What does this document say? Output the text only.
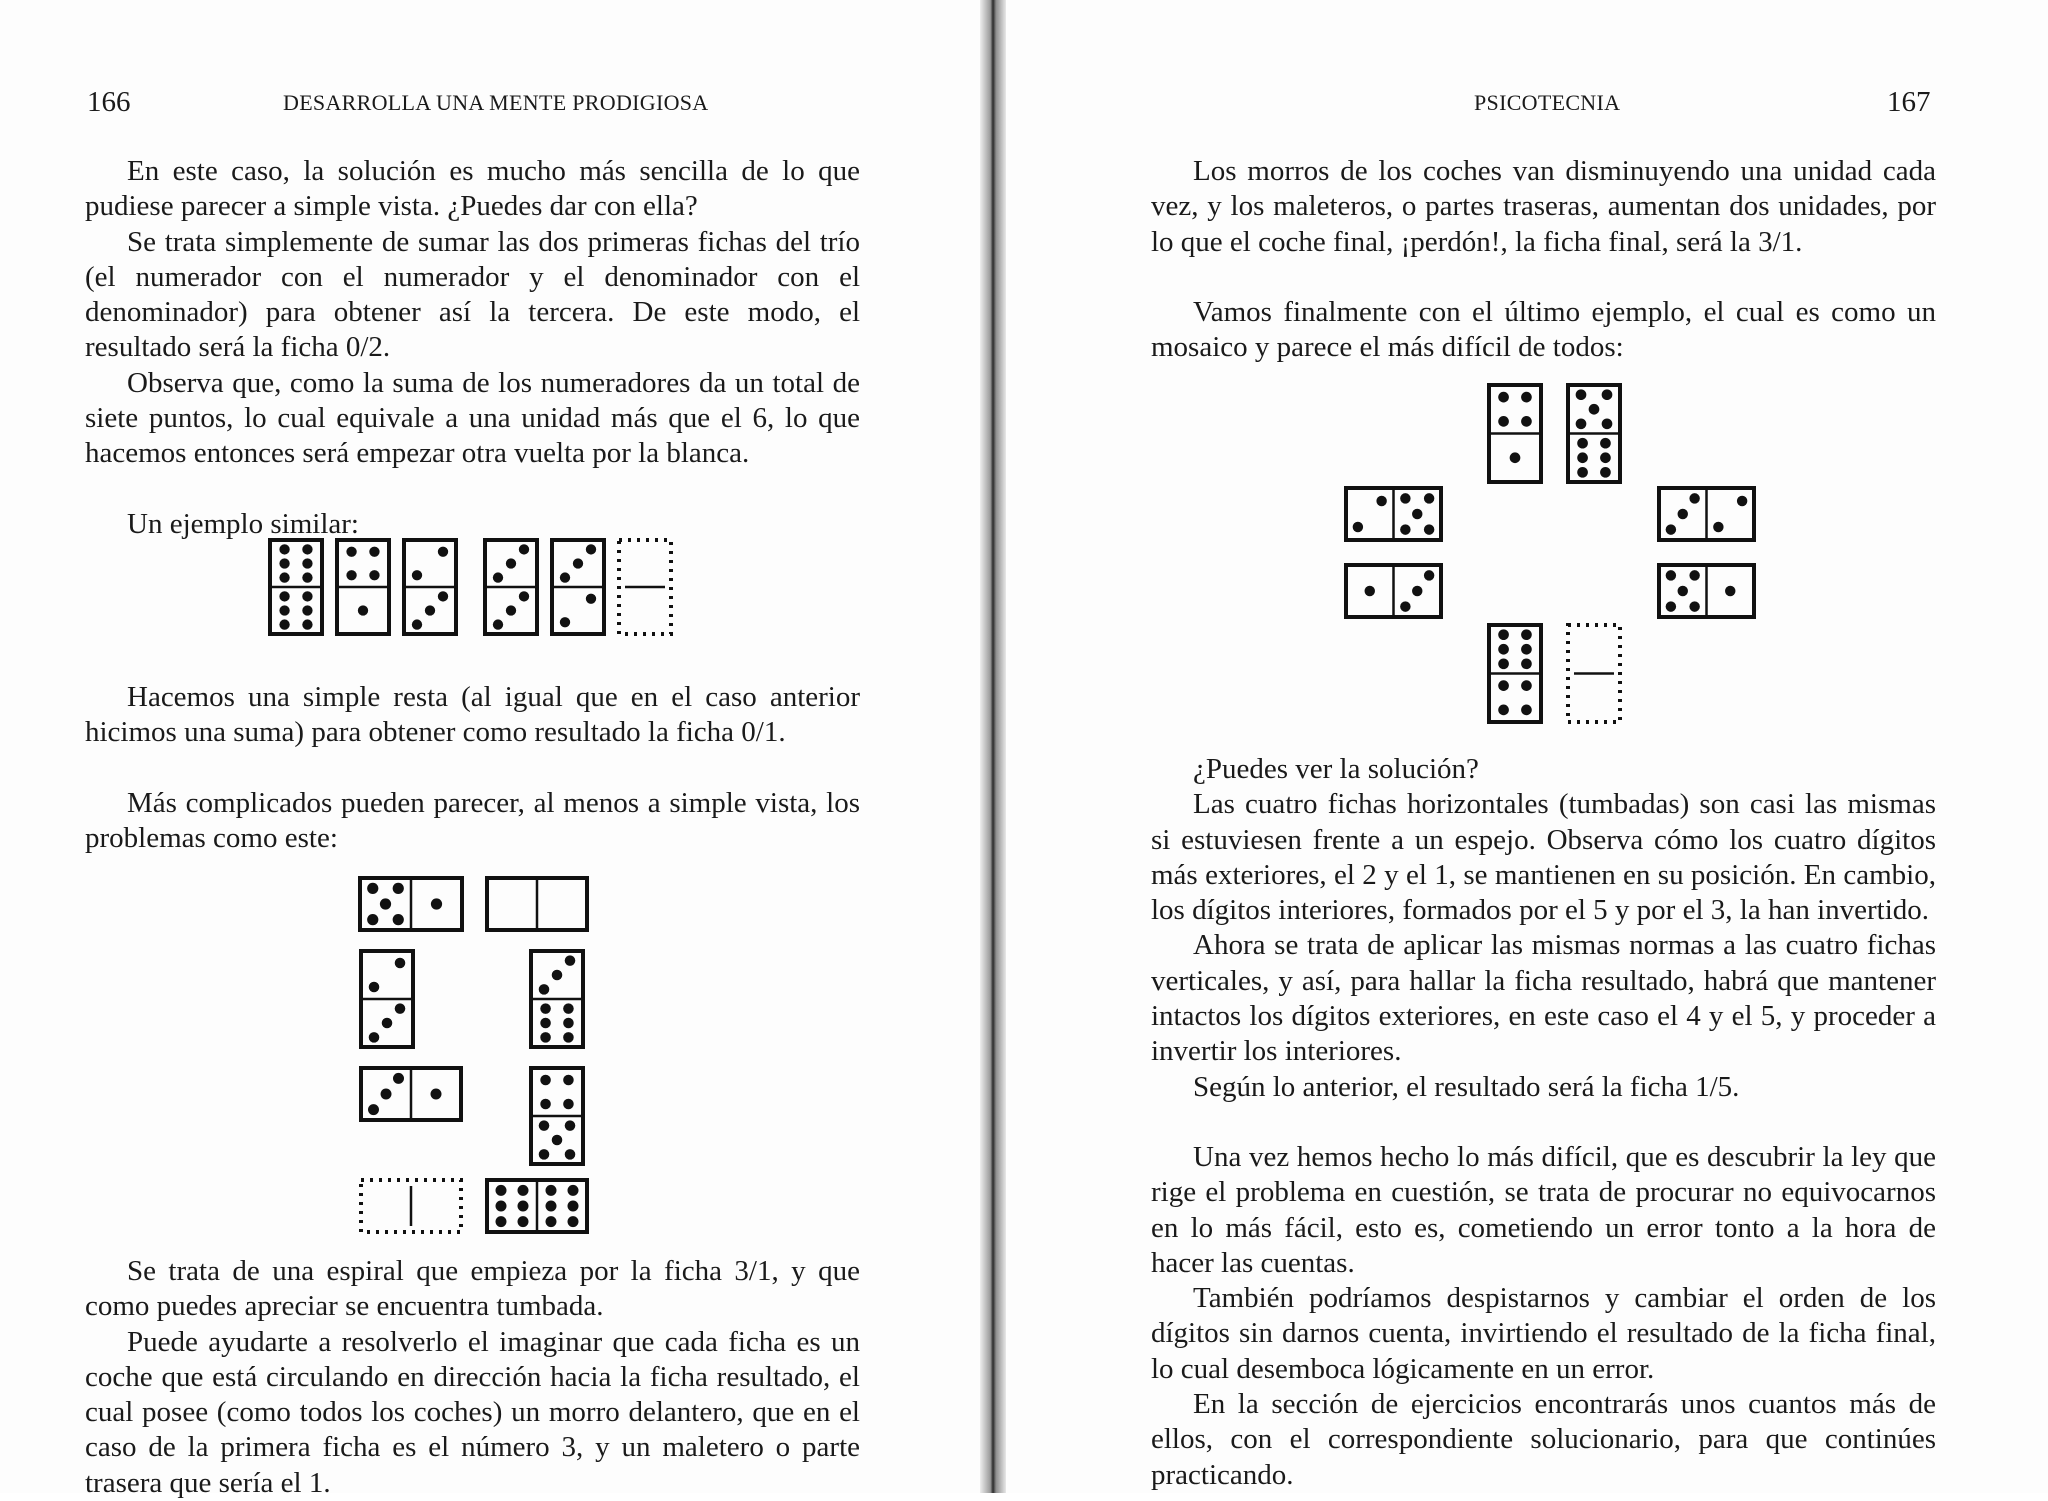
166	DESARROLLA UNA MENTE PRODIGIOSA

En este caso, la solución es mucho más sencilla de lo que pudiese parecer a simple vista. ¿Puedes dar con ella?

Se trata simplemente de sumar las dos primeras fichas del trío (el numerador con el numerador y el denominador con el denominador) para obtener así la tercera. De este modo, el resultado será la ficha 0/2.

Observa que, como la suma de los numeradores da un total de siete puntos, lo cual equivale a una unidad más que el 6, lo que hacemos entonces será empezar otra vuelta por la blanca.

Un ejemplo similar:

Hacemos una simple resta (al igual que en el caso anterior hicimos una suma) para obtener como resultado la ficha 0/1.

Más complicados pueden parecer, al menos a simple vista, los problemas como este:

Se trata de una espiral que empieza por la ficha 3/1, y que como puedes apreciar se encuentra tumbada.

Puede ayudarte a resolverlo el imaginar que cada ficha es un coche que está circulando en dirección hacia la ficha resultado, el cual posee (como todos los coches) un morro delantero, que en el caso de la primera ficha es el número 3, y un maletero o parte trasera que sería el 1.

PSICOTECNIA	167

Los morros de los coches van disminuyendo una unidad cada vez, y los maleteros, o partes traseras, aumentan dos unidades, por lo que el coche final, ¡perdón!, la ficha final, será la 3/1.

Vamos finalmente con el último ejemplo, el cual es como un mosaico y parece el más difícil de todos:

¿Puedes ver la solución?

Las cuatro fichas horizontales (tumbadas) son casi las mismas si estuviesen frente a un espejo. Observa cómo los cuatro dígitos más exteriores, el 2 y el 1, se mantienen en su posición. En cambio, los dígitos interiores, formados por el 5 y por el 3, la han invertido.

Ahora se trata de aplicar las mismas normas a las cuatro fichas verticales, y así, para hallar la ficha resultado, habrá que mantener intactos los dígitos exteriores, en este caso el 4 y el 5, y proceder a invertir los interiores.

Según lo anterior, el resultado será la ficha 1/5.

Una vez hemos hecho lo más difícil, que es descubrir la ley que rige el problema en cuestión, se trata de procurar no equivocarnos en lo más fácil, esto es, cometiendo un error tonto a la hora de hacer las cuentas.

También podríamos despistarnos y cambiar el orden de los dígitos sin darnos cuenta, invirtiendo el resultado de la ficha final, lo cual desemboca lógicamente en un error.

En la sección de ejercicios encontrarás unos cuantos más de ellos, con el correspondiente solucionario, para que continúes practicando.
